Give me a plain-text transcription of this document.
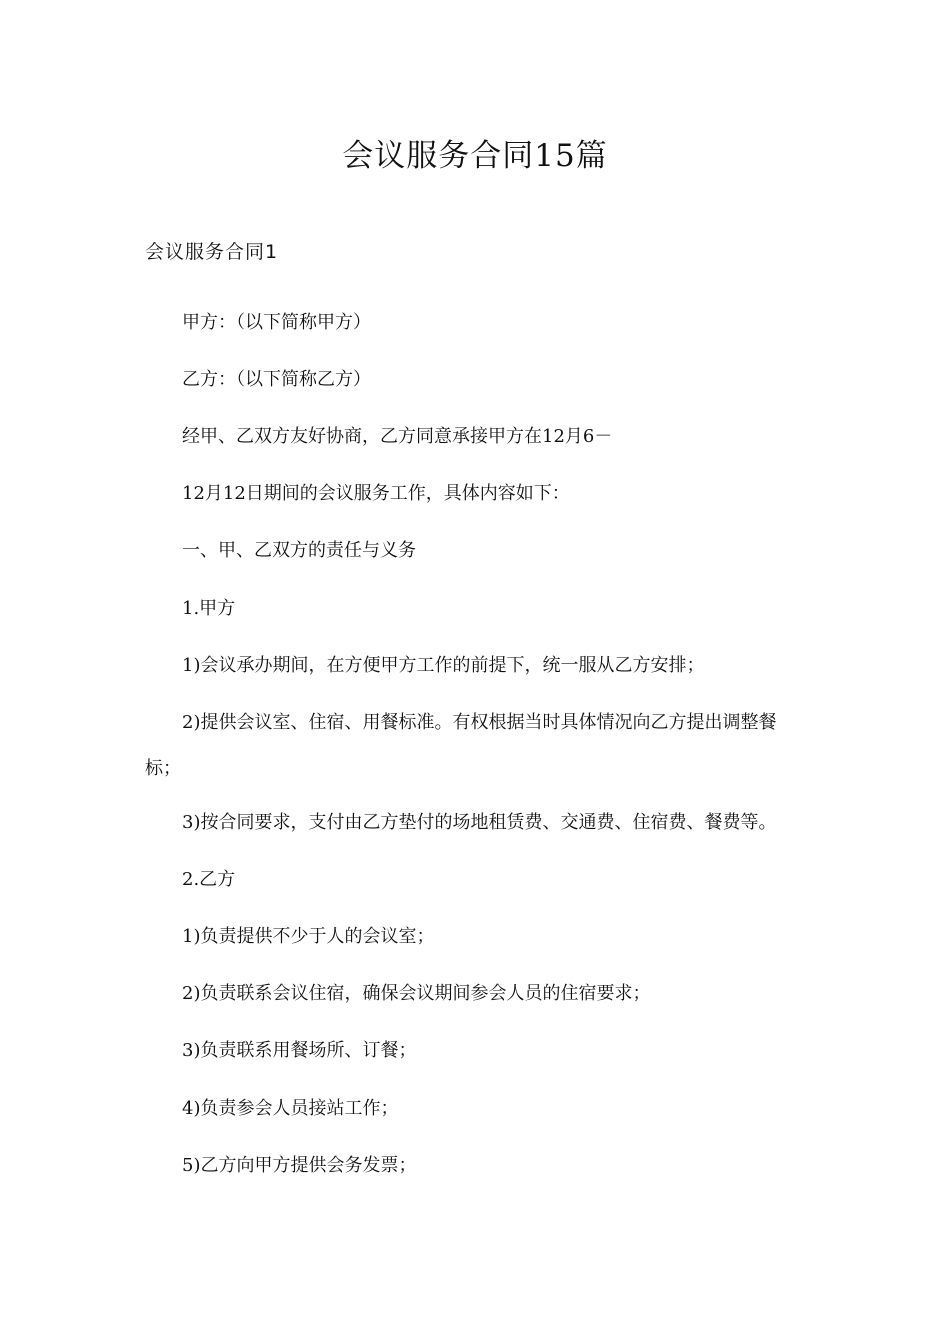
会议服务合同15篇
会议服务合同1

甲方：（以下简称甲方）

乙方：（以下简称乙方）

经甲、乙双方友好协商，乙方同意承接甲方在12月6－

12月12日期间的会议服务工作，具体内容如下：

一、甲、乙双方的责任与义务

1.甲方

1)会议承办期间，在方便甲方工作的前提下，统一服从乙方安排；

2)提供会议室、住宿、用餐标准。有权根据当时具体情况向乙方提出调整餐标；

3)按合同要求，支付由乙方垫付的场地租赁费、交通费、住宿费、餐费等。

2.乙方

1)负责提供不少于人的会议室；

2)负责联系会议住宿，确保会议期间参会人员的住宿要求；

3)负责联系用餐场所、订餐；

4)负责参会人员接站工作；

5)乙方向甲方提供会务发票；
